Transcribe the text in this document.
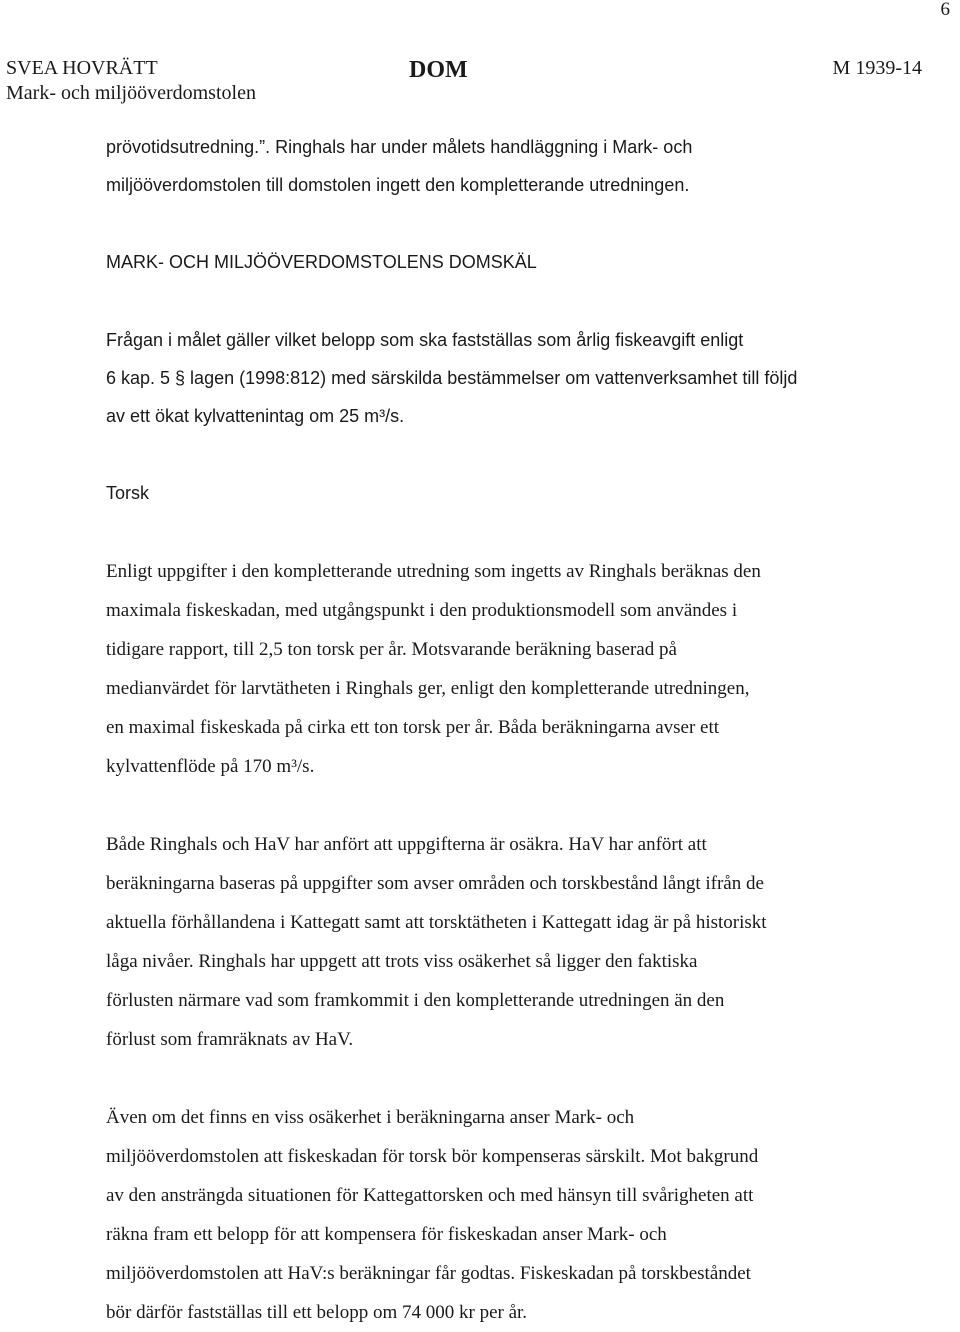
6
SVEA HOVRÄTT
Mark- och miljööverdomstolen
DOM	M 1939-14
prövotidsutredning.”. Ringhals har under målets handläggning i Mark- och
miljööverdomstolen till domstolen ingett den kompletterande utredningen.
MARK- OCH MILJÖÖVERDOMSTOLENS DOMSKÄL
Frågan i målet gäller vilket belopp som ska fastställas som årlig fiskeavgift enligt
6 kap. 5 § lagen (1998:812) med särskilda bestämmelser om vattenverksamhet till följd
av ett ökat kylvattenintag om 25 m³/s.
Torsk
Enligt uppgifter i den kompletterande utredning som ingetts av Ringhals beräknas den
maximala fiskeskadan, med utgångspunkt i den produktionsmodell som användes i
tidigare rapport, till 2,5 ton torsk per år. Motsvarande beräkning baserad på
medianvärdet för larvtätheten i Ringhals ger, enligt den kompletterande utredningen,
en maximal fiskeskada på cirka ett ton torsk per år. Båda beräkningarna avser ett
kylvattenflöde på 170 m³/s.
Både Ringhals och HaV har anfört att uppgifterna är osäkra. HaV har anfört att
beräkningarna baseras på uppgifter som avser områden och torskbestånd långt ifrån de
aktuella förhållandena i Kattegatt samt att torsktätheten i Kattegatt idag är på historiskt
låga nivåer. Ringhals har uppgett att trots viss osäkerhet så ligger den faktiska
förlusten närmare vad som framkommit i den kompletterande utredningen än den
förlust som framräknats av HaV.
Även om det finns en viss osäkerhet i beräkningarna anser Mark- och
miljööverdomstolen att fiskeskadan för torsk bör kompenseras särskilt. Mot bakgrund
av den ansträngda situationen för Kattegattorsken och med hänsyn till svårigheten att
räkna fram ett belopp för att kompensera för fiskeskadan anser Mark- och
miljööverdomstolen att HaV:s beräkningar får godtas. Fiskeskadan på torskbeståndet
bör därför fastställas till ett belopp om 74 000 kr per år.
